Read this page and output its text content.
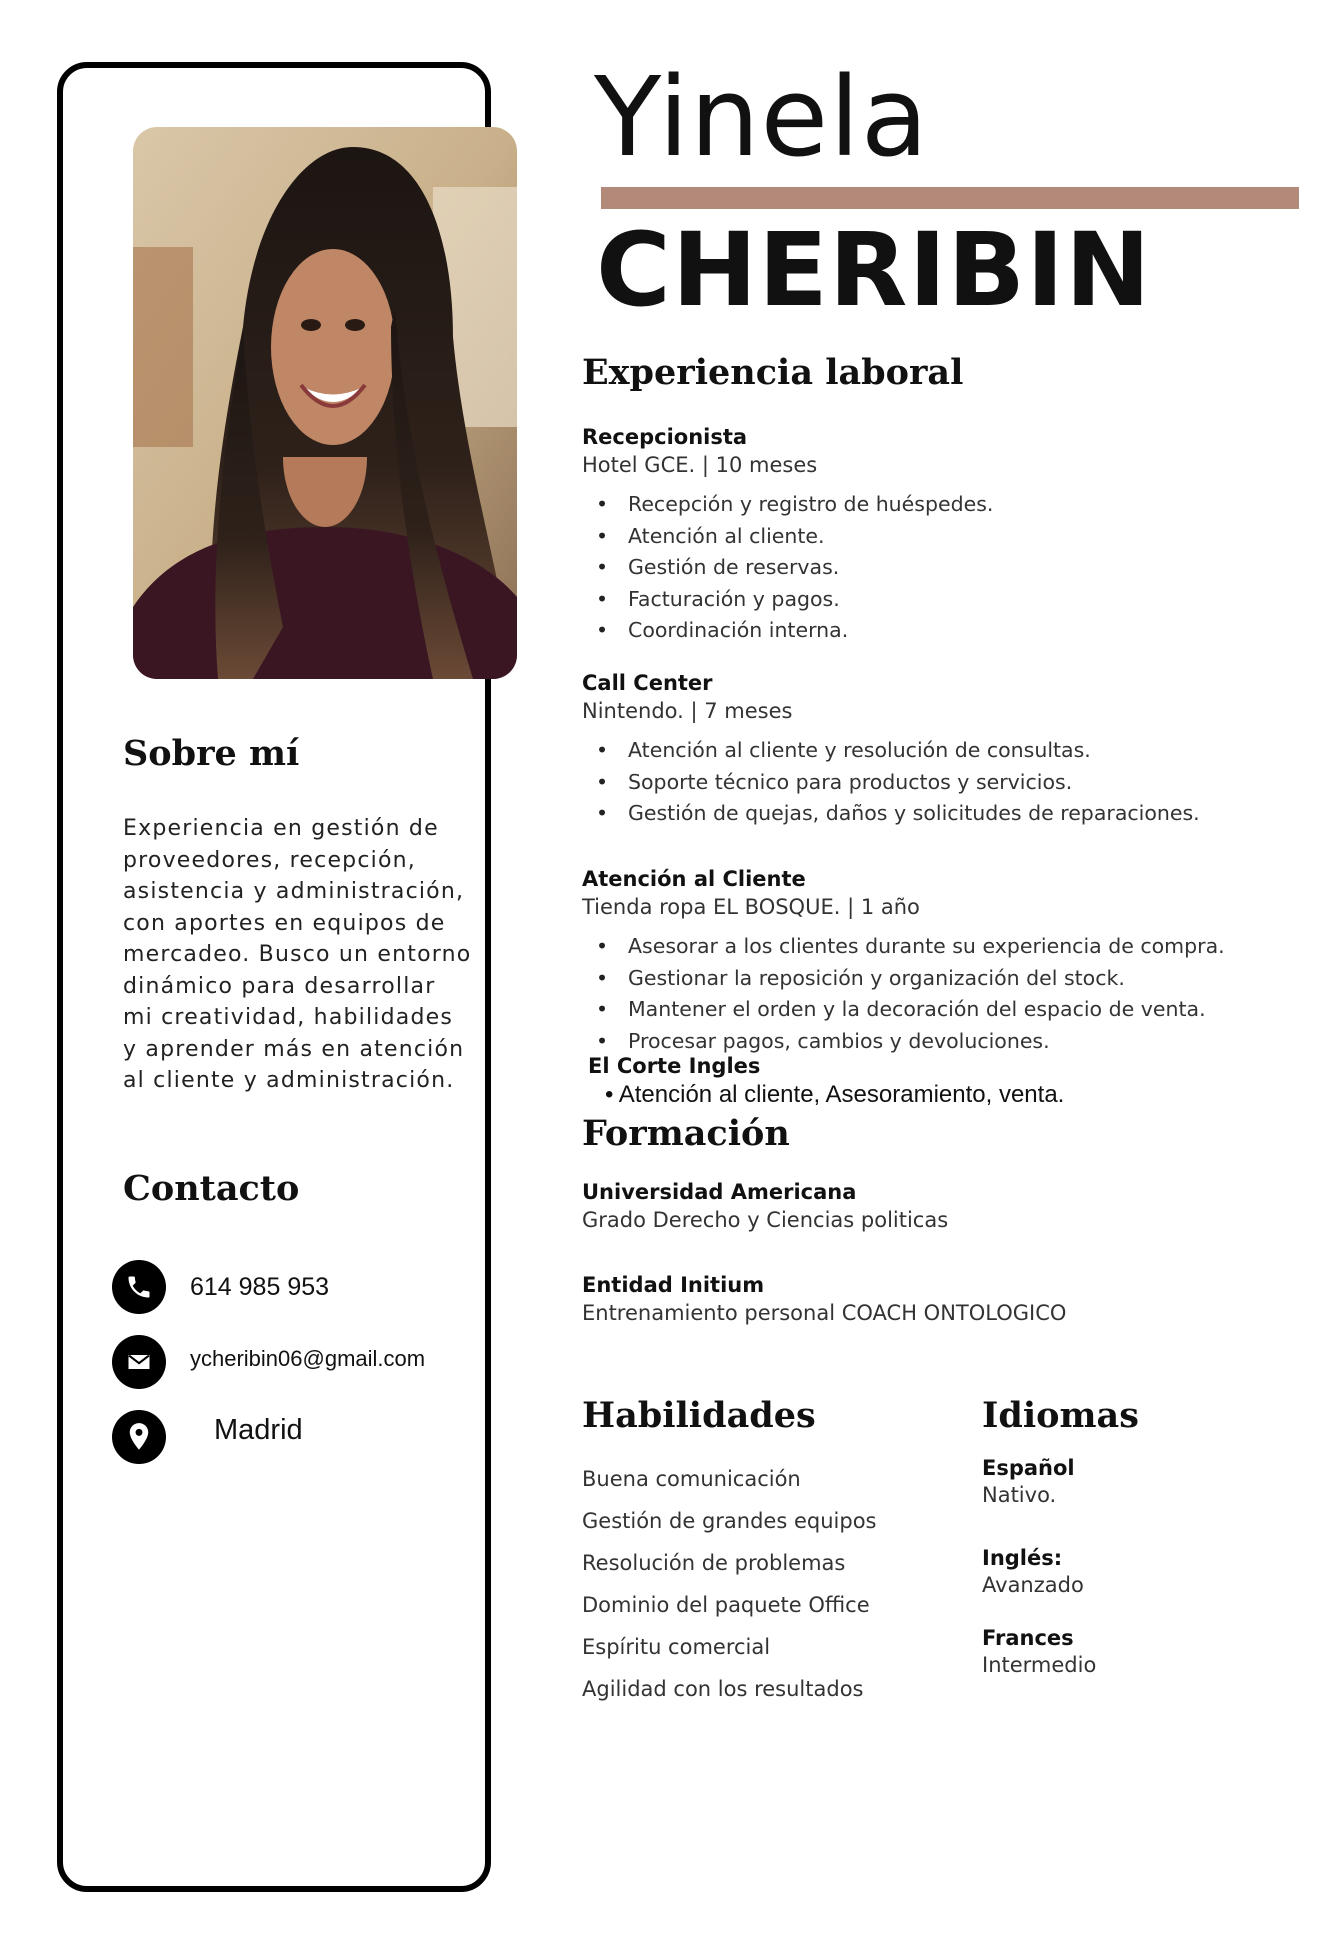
Sobre mí

Experiencia en gestión de proveedores, recepción, asistencia y administración, con aportes en equipos de mercadeo. Busco un entorno dinámico para desarrollar mi creatividad, habilidades y aprender más en atención al cliente y administración.

Contacto
614 985 953
ycheribin06@gmail.com
Madrid
Yinela
CHERIBIN
Experiencia laboral
Recepcionista
Hotel GCE. | 10 meses
• Recepción y registro de huéspedes.
• Atención al cliente.
• Gestión de reservas.
• Facturación y pagos.
• Coordinación interna.
Call Center
Nintendo. | 7 meses
• Atención al cliente y resolución de consultas.
• Soporte técnico para productos y servicios.
• Gestión de quejas, daños y solicitudes de reparaciones.
Atención al Cliente
Tienda ropa EL BOSQUE. | 1 año
• Asesorar a los clientes durante su experiencia de compra.
• Gestionar la reposición y organización del stock.
• Mantener el orden y la decoración del espacio de venta.
• Procesar pagos, cambios y devoluciones.
El Corte Ingles
• Atención al cliente, Asesoramiento, venta.
Formación
Universidad Americana
Grado Derecho y Ciencias politicas
Entidad Initium
Entrenamiento personal COACH ONTOLOGICO
Habilidades
Buena comunicación
Gestión de grandes equipos
Resolución de problemas
Dominio del paquete Office
Espíritu comercial
Agilidad con los resultados
Idiomas
Español
Nativo.
Inglés:
Avanzado
Frances
Intermedio
